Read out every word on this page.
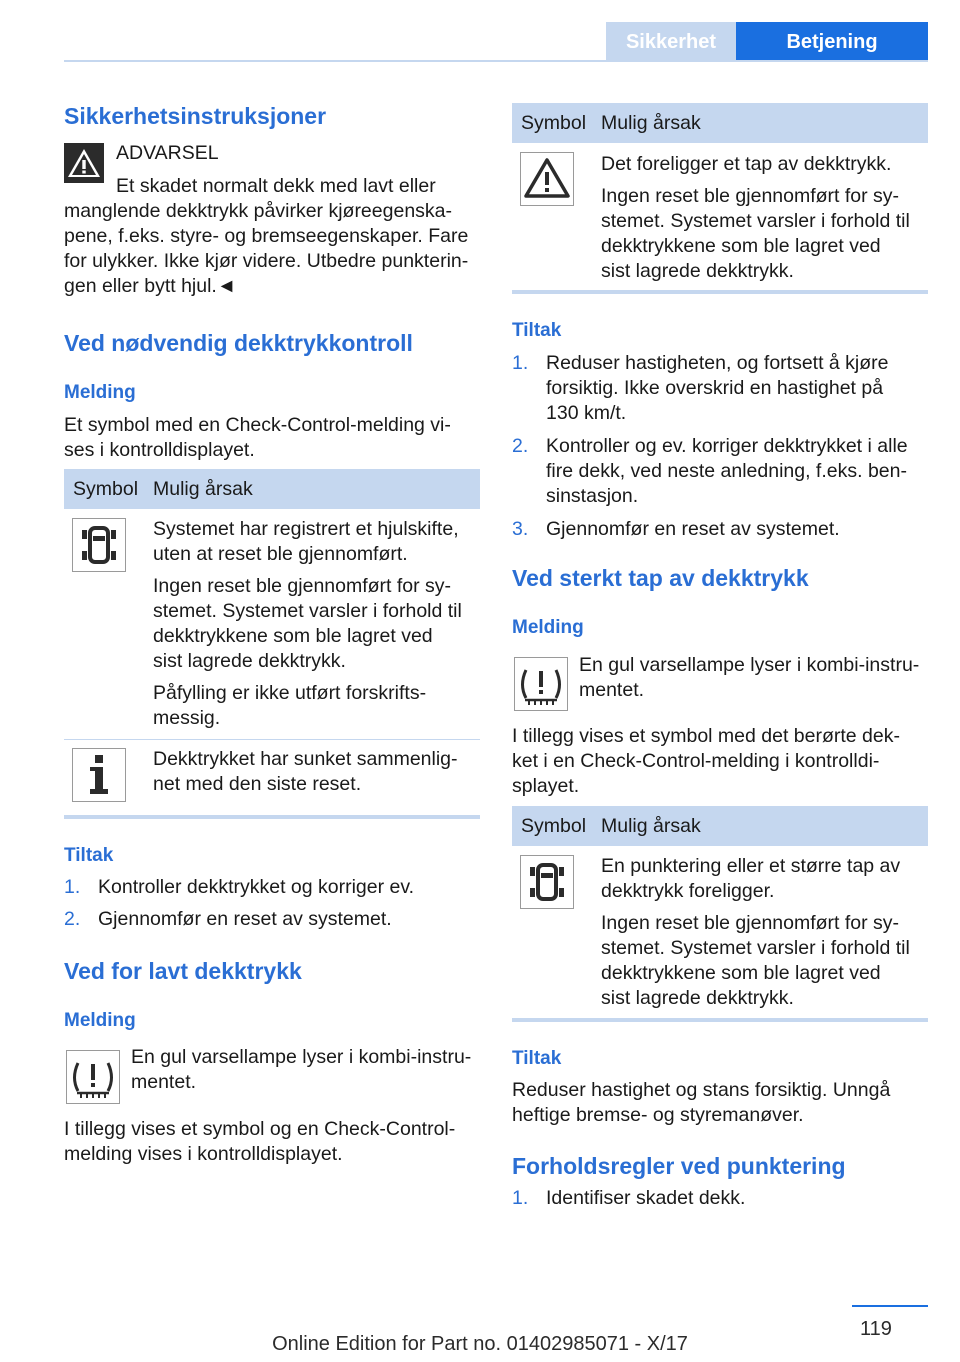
Sikkerhet	Betjening
Sikkerhetsinstruksjoner
ADVARSEL
Et skadet normalt dekk med lavt eller

manglende dekktrykk påvirker kjøreegenska‐

pene, f.eks. styre- og bremseegenskaper. Fare

for ulykker. Ikke kjør videre. Utbedre punkterin‐

gen eller bytt hjul.◄

Ved nødvendig dekktrykkontroll
Melding

Et symbol med en Check-Control-melding vi‐

ses i kontrolldisplayet.

Symbol Mulig årsak

Systemet har registrert et hjulskifte,

uten at reset ble gjennomført.

Ingen reset ble gjennomført for sy‐

stemet. Systemet varsler i forhold til

dekktrykkene som ble lagret ved

sist lagrede dekktrykk.

Påfylling er ikke utført forskrifts‐

messig.

Dekktrykket har sunket sammenlig‐

net med den siste reset.

Tiltak
1. Kontroller dekktrykket og korriger ev.
2. Gjennomfør en reset av systemet.
Ved for lavt dekktrykk
Melding

En gul varsellampe lyser i kombi-instru‐

mentet.

I tillegg vises et symbol og en Check-Control-

melding vises i kontrolldisplayet.

Symbol Mulig årsak

Det foreligger et tap av dekktrykk.

Ingen reset ble gjennomført for sy‐

stemet. Systemet varsler i forhold til

dekktrykkene som ble lagret ved

sist lagrede dekktrykk.

Tiltak
1. Reduser hastigheten, og fortsett å kjøre

forsiktig. Ikke overskrid en hastighet på

130 km/t.

2. Kontroller og ev. korriger dekktrykket i alle

fire dekk, ved neste anledning, f.eks. ben‐

sinstasjon.

3. Gjennomfør en reset av systemet.

Ved sterkt tap av dekktrykk
Melding

En gul varsellampe lyser i kombi-instru‐

mentet.

I tillegg vises et symbol med det berørte dek‐

ket i en Check-Control-melding i kontrolldi‐

splayet.

Symbol Mulig årsak

En punktering eller et større tap av

dekktrykk foreligger.

Ingen reset ble gjennomført for sy‐

stemet. Systemet varsler i forhold til

dekktrykkene som ble lagret ved

sist lagrede dekktrykk.

Tiltak

Reduser hastighet og stans forsiktig. Unngå

heftige bremse- og styremanøver.

Forholdsregler ved punktering
1. Identifiser skadet dekk.
119
Online Edition for Part no. 01402985071 - X/17
